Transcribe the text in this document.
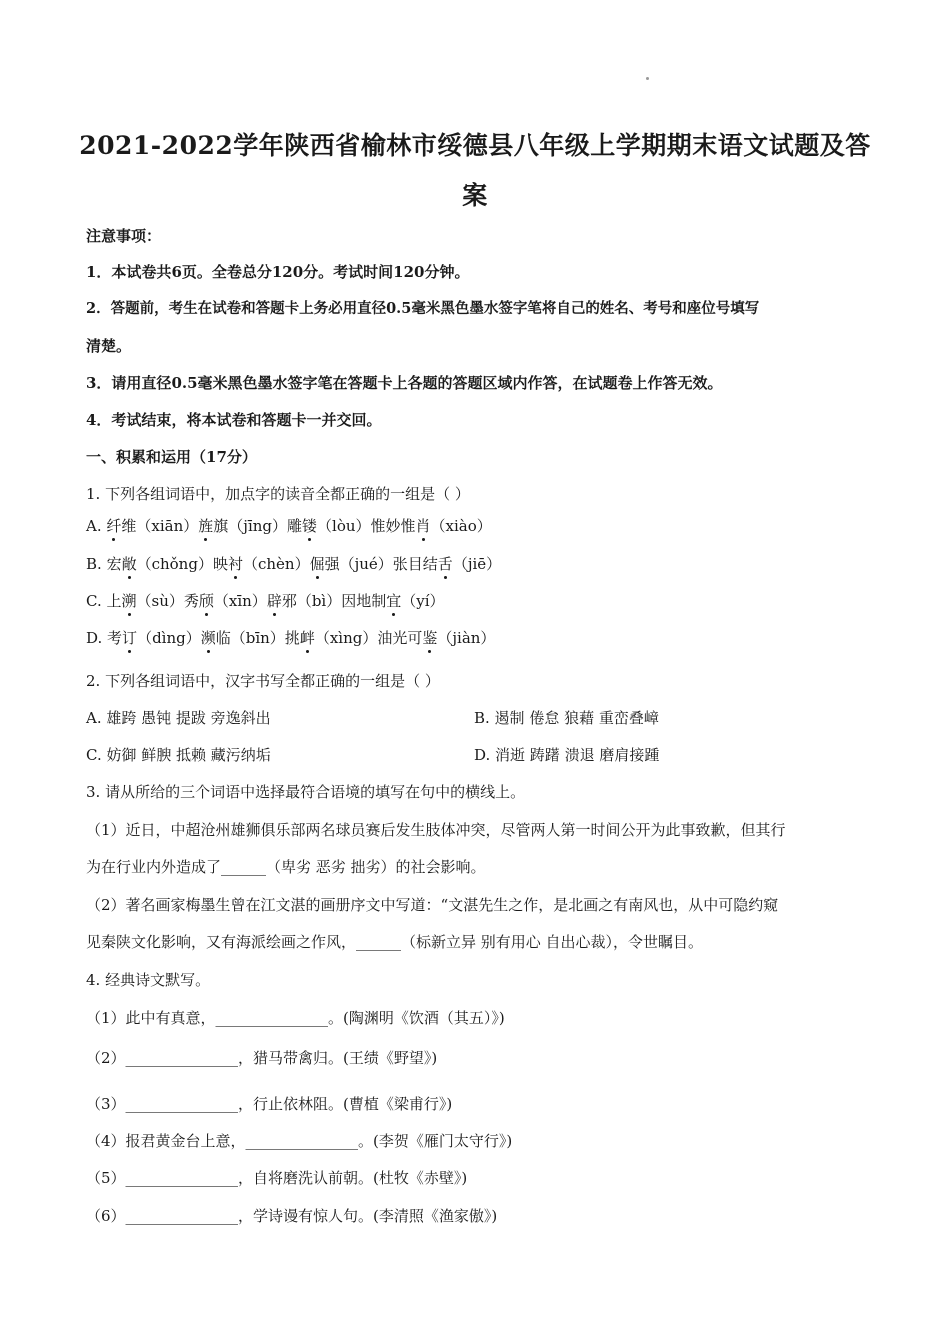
2021-2022学年陕西省榆林市绥德县八年级上学期期末语文试题及答
案
注意事项：
1．本试卷共6页。全卷总分120分。考试时间120分钟。
2．答题前，考生在试卷和答题卡上务必用直径0.5毫米黑色墨水签字笔将自己的姓名、考号和座位号填写
清楚。
3．请用直径0.5毫米黑色墨水签字笔在答题卡上各题的答题区域内作答，在试题卷上作答无效。
4．考试结束，将本试卷和答题卡一并交回。
一、积累和运用（17分）
1. 下列各组词语中，加点字的读音全都正确的一组是（ ）
A. 纤维（xiān）旌旗（jīng）雕镂（lòu）惟妙惟肖（xiào）
B. 宏敞（chǒng）映衬（chèn）倔强（jué）张目结舌（jiē）
C. 上溯（sù）秀颀（xīn）辟邪（bì）因地制宜（yí）
D. 考订（dìng）濒临（bīn）挑衅（xìng）油光可鉴（jiàn）
2. 下列各组词语中，汉字书写全都正确的一组是（ ）
A. 雄跨 愚钝 提跋 旁逸斜出	B. 遏制 倦怠 狼藉 重峦叠嶂
C. 妨御 鲜腴 抵赖 藏污纳垢	D. 消逝 踌躇 溃退 磨肩接踵
3. 请从所给的三个词语中选择最符合语境的填写在句中的横线上。
（1）近日，中超沧州雄狮俱乐部两名球员赛后发生肢体冲突，尽管两人第一时间公开为此事致歉，但其行
为在行业内外造成了______（卑劣 恶劣 拙劣）的社会影响。
（2）著名画家梅墨生曾在江文湛的画册序文中写道：“文湛先生之作，是北画之有南风也，从中可隐约窥
见秦陕文化影响，又有海派绘画之作风，______（标新立异 别有用心 自出心裁），令世瞩目。
4. 经典诗文默写。
（1）此中有真意，_______________。(陶渊明《饮酒（其五）》)
（2）_______________，猎马带禽归。(王绩《野望》)
（3）_______________，行止依林阻。(曹植《梁甫行》)
（4）报君黄金台上意，_______________。(李贺《雁门太守行》)
（5）_______________，自将磨洗认前朝。(杜牧《赤壁》)
（6）_______________，学诗谩有惊人句。(李清照《渔家傲》)
